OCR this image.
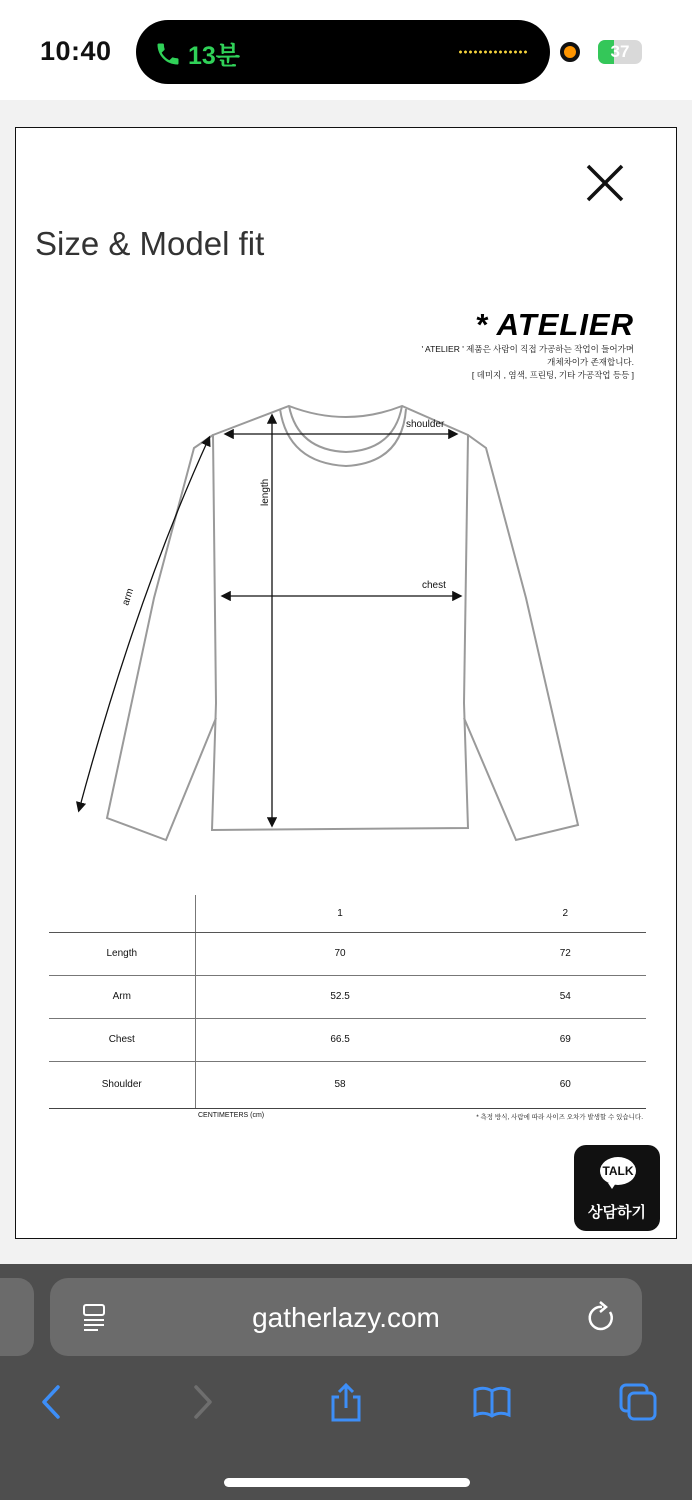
10:40	13분	37
Size & Model fit
* ATELIER
' ATELIER ' 제품은 사람이 직접 가공하는 작업이 들어가며
개체차이가 존재합니다.
[ 데미지 , 염색, 프린팅, 기타 가공작업 등등 ]
shoulder
length
chest
arm
	1	2
Length	70	72
Arm	52.5	54
Chest	66.5	69
Shoulder	58	60
CENTIMETERS (cm)	* 측정 방식, 사람에 따라 사이즈 오차가 발생할 수 있습니다.
TALK
상담하기
gatherlazy.com
